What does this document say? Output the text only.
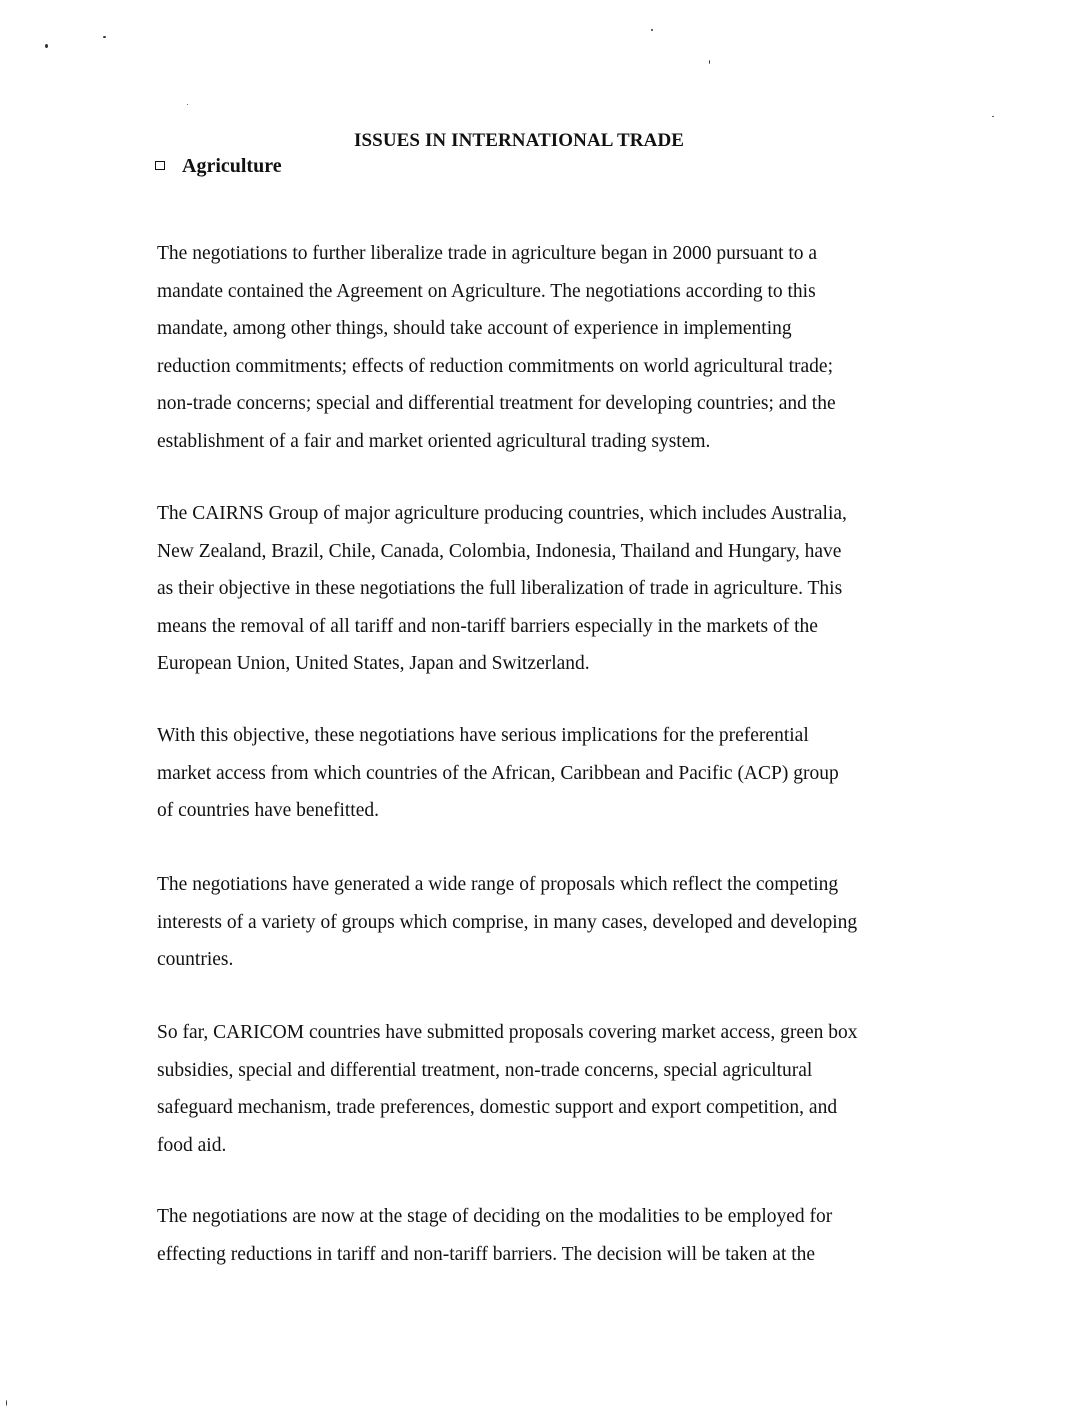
ISSUES IN INTERNATIONAL TRADE
Agriculture

The negotiations to further liberalize trade in agriculture began in 2000 pursuant to a
mandate contained the Agreement on Agriculture. The negotiations according to this
mandate, among other things, should take account of experience in implementing
reduction commitments; effects of reduction commitments on world agricultural trade;
non-trade concerns; special and differential treatment for developing countries; and the
establishment of a fair and market oriented agricultural trading system.

The CAIRNS Group of major agriculture producing countries, which includes Australia,
New Zealand, Brazil, Chile, Canada, Colombia, Indonesia, Thailand and Hungary, have
as their objective in these negotiations the full liberalization of trade in agriculture. This
means the removal of all tariff and non-tariff barriers especially in the markets of the
European Union, United States, Japan and Switzerland.

With this objective, these negotiations have serious implications for the preferential
market access from which countries of the African, Caribbean and Pacific (ACP) group
of countries have benefitted.

The negotiations have generated a wide range of proposals which reflect the competing
interests of a variety of groups which comprise, in many cases, developed and developing
countries.

So far, CARICOM countries have submitted proposals covering market access, green box
subsidies, special and differential treatment, non-trade concerns, special agricultural
safeguard mechanism, trade preferences, domestic support and export competition, and
food aid.

The negotiations are now at the stage of deciding on the modalities to be employed for
effecting reductions in tariff and non-tariff barriers. The decision will be taken at the
